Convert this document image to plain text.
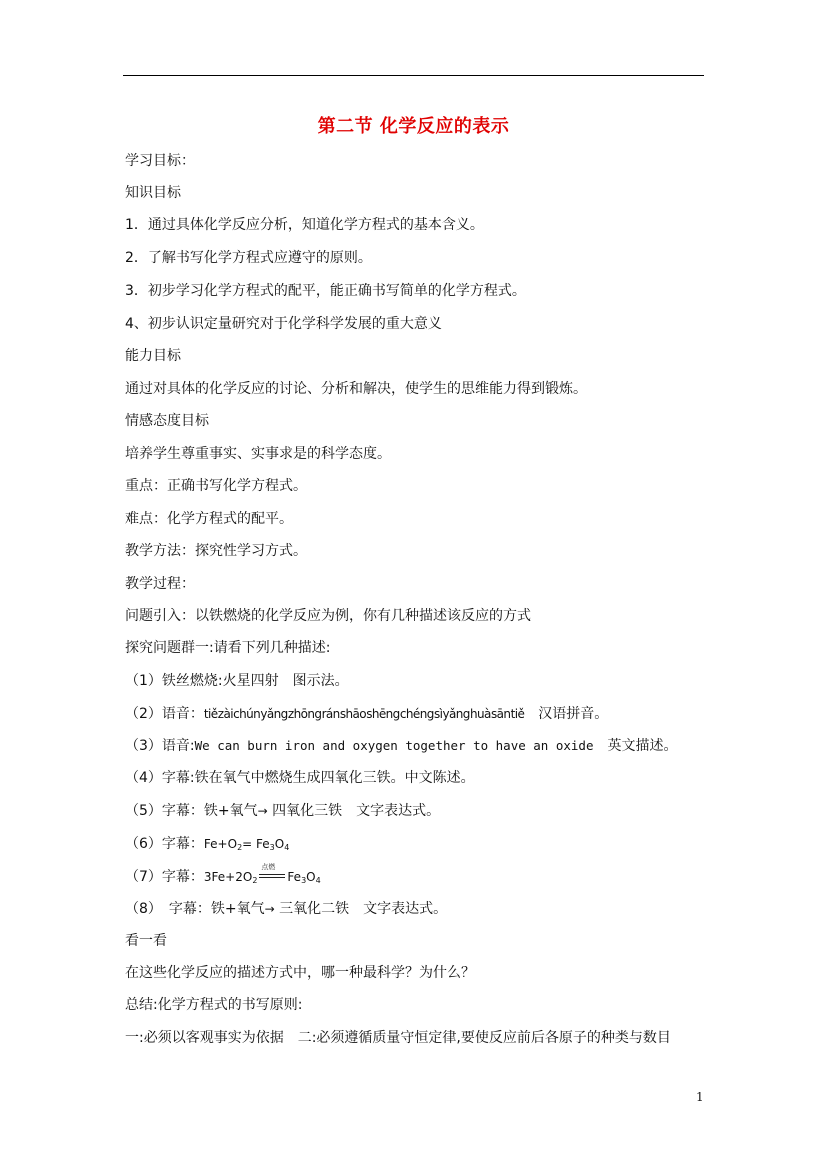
第二节 化学反应的表示
学习目标：
知识目标
1．通过具体化学反应分析，知道化学方程式的基本含义。
2．了解书写化学方程式应遵守的原则。
3．初步学习化学方程式的配平，能正确书写简单的化学方程式。
4、初步认识定量研究对于化学科学发展的重大意义
能力目标
通过对具体的化学反应的讨论、分析和解决，使学生的思维能力得到锻炼。
情感态度目标
培养学生尊重事实、实事求是的科学态度。
重点：正确书写化学方程式。
难点：化学方程式的配平。
教学方法：探究性学习方式。
教学过程：
问题引入：以铁燃烧的化学反应为例，你有几种描述该反应的方式
探究问题群一:请看下列几种描述:
（1）铁丝燃烧:火星四射　图示法。
（2）语音：tiě zài chún yǎng zhōng rán shāo shēng chéng sì yǎng huà sān tiě　汉语拼音。
（3）语音:We can burn iron and oxygen together to have an oxide　英文描述。
（4）字幕:铁在氧气中燃烧生成四氧化三铁。中文陈述。
（5）字幕：铁+氧气→ 四氧化三铁　文字表达式。
（6）字幕：$Fe+O_2= Fe_3O_4$
（7）字幕：$3Fe+2O_2$
点燃
$Fe_3O_4$
（8）　字幕：铁+氧气→ 三氧化二铁　文字表达式。
看一看
在这些化学反应的描述方式中，哪一种最科学？为什么？
总结:化学方程式的书写原则:
一:必须以客观事实为依据　二:必须遵循质量守恒定律,要使反应前后各原子的种类与数目
1
